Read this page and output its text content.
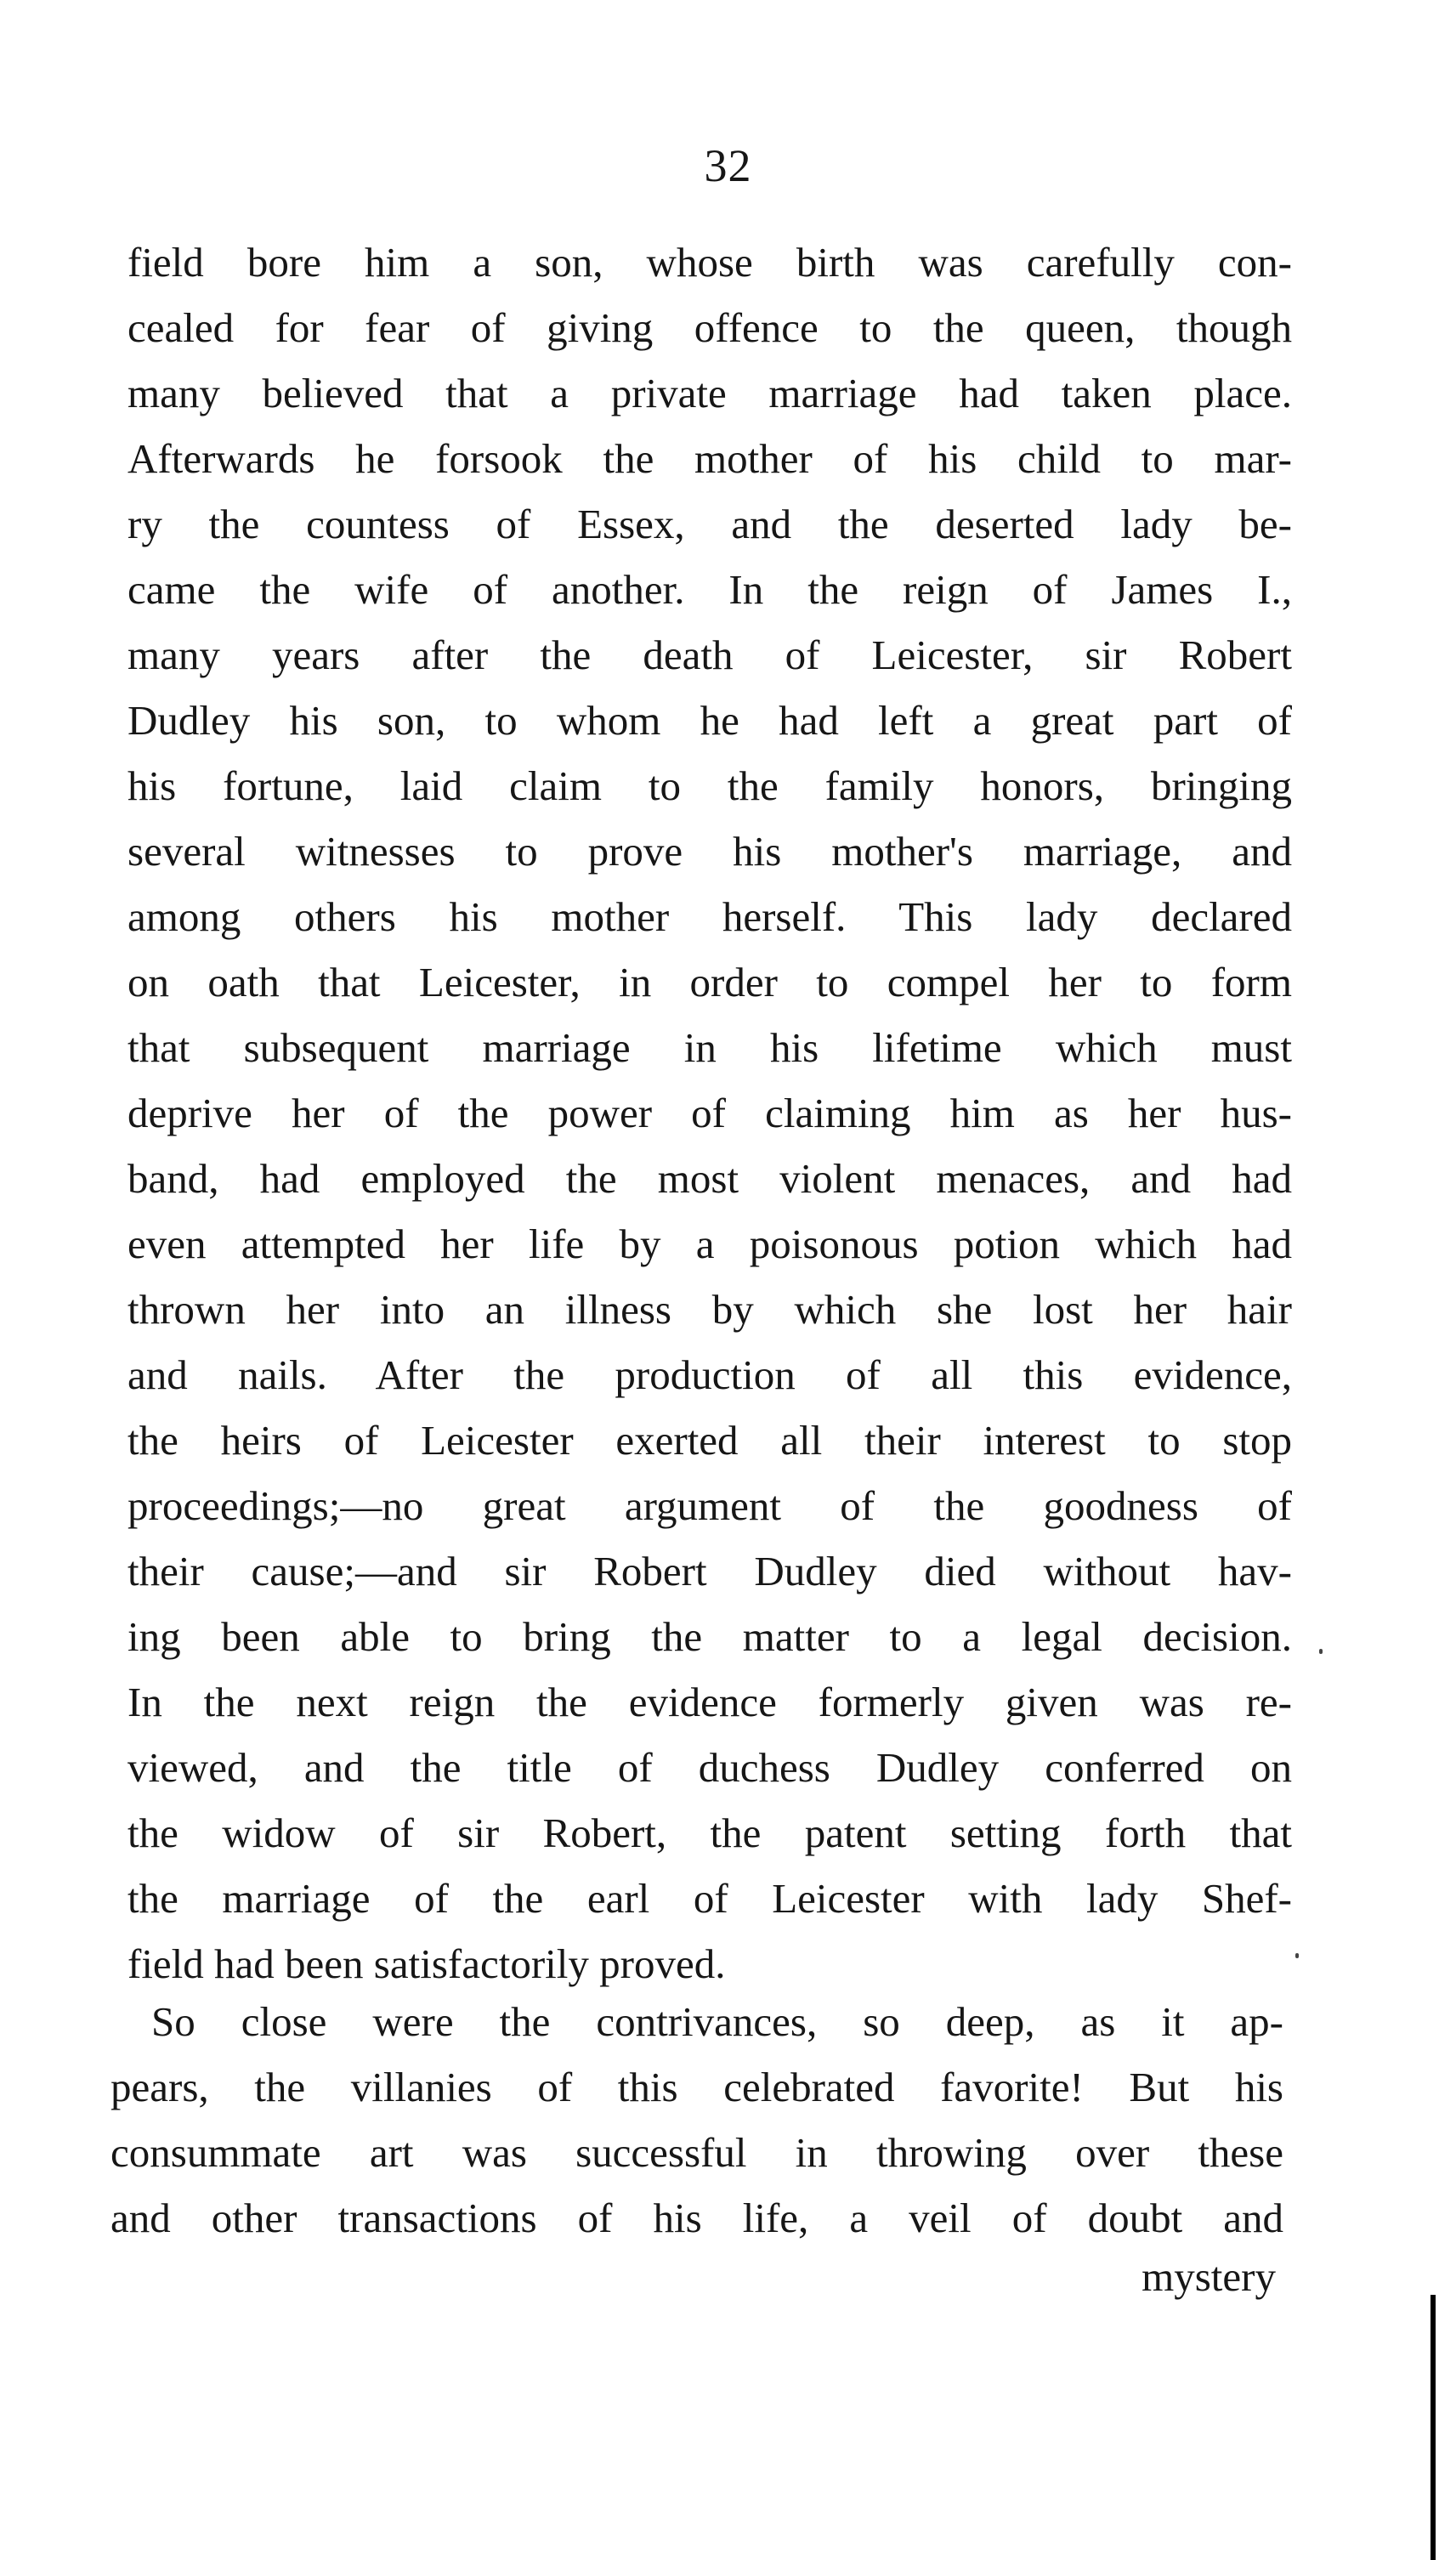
32
field bore him a son, whose birth was carefully con-
cealed for fear of giving offence to the queen, though
many believed that a private marriage had taken place.
Afterwards he forsook the mother of his child to mar-
ry the countess of Essex, and the deserted lady be-
came the wife of another. In the reign of James I.,
many years after the death of Leicester, sir Robert
Dudley his son, to whom he had left a great part of
his fortune, laid claim to the family honors, bringing
several witnesses to prove his mother's marriage, and
among others his mother herself. This lady declared
on oath that Leicester, in order to compel her to form
that subsequent marriage in his lifetime which must
deprive her of the power of claiming him as her hus-
band, had employed the most violent menaces, and had
even attempted her life by a poisonous potion which had
thrown her into an illness by which she lost her hair
and nails. After the production of all this evidence,
the heirs of Leicester exerted all their interest to stop
proceedings;—no great argument of the goodness of
their cause;—and sir Robert Dudley died without hav-
ing been able to bring the matter to a legal decision.
In the next reign the evidence formerly given was re-
viewed, and the title of duchess Dudley conferred on
the widow of sir Robert, the patent setting forth that
the marriage of the earl of Leicester with lady Shef-
field had been satisfactorily proved.
So close were the contrivances, so deep, as it ap-
pears, the villanies of this celebrated favorite! But his
consummate art was successful in throwing over these
and other transactions of his life, a veil of doubt and
mystery
